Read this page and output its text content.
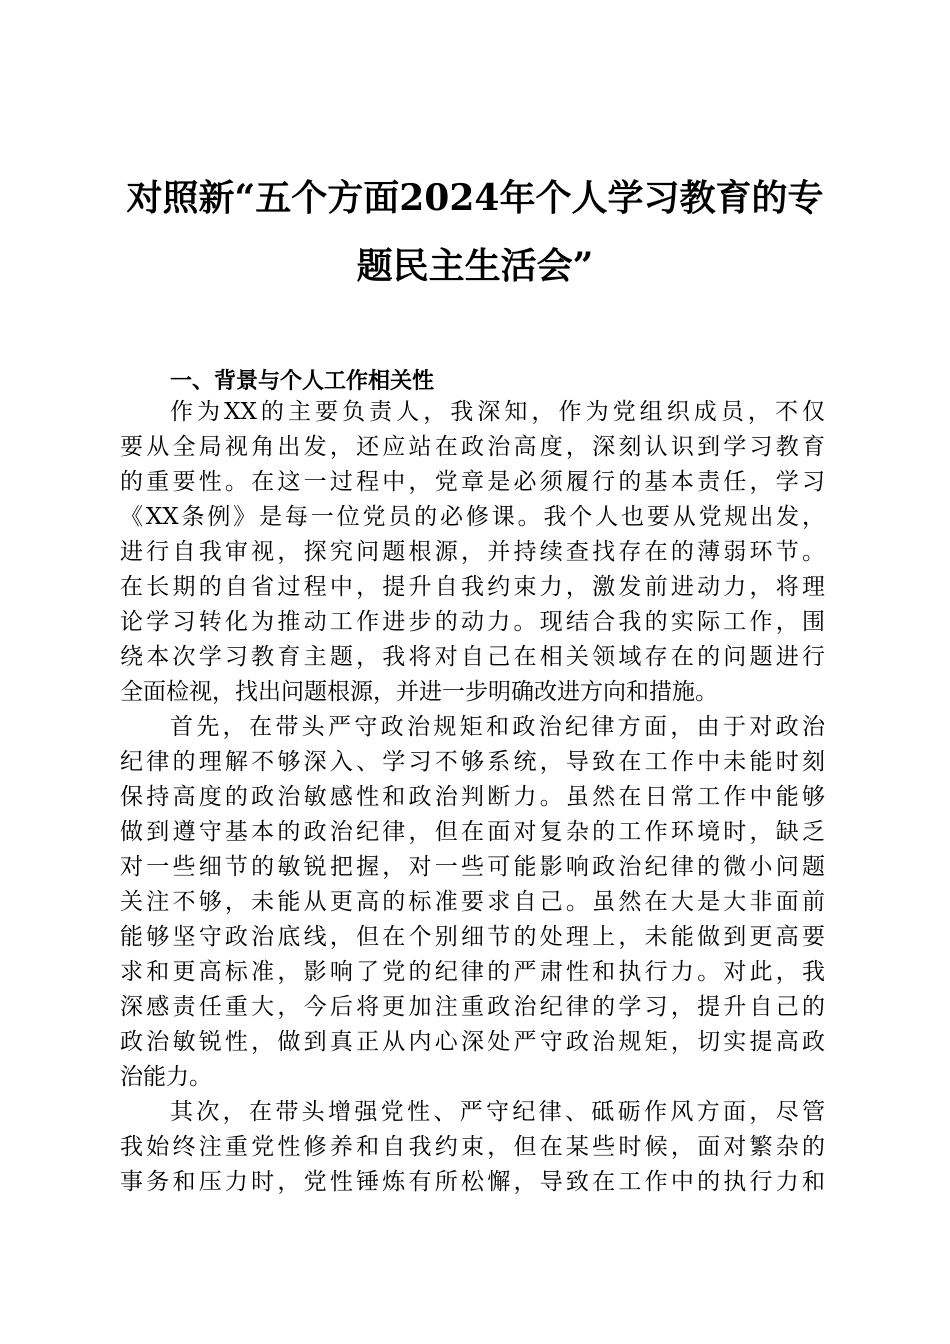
对照新“五个方面2024年个人学习教育的专
题民主生活会”
一、背景与个人工作相关性
作为XX的主要负责人，我深知，作为党组织成员，不仅
要从全局视角出发，还应站在政治高度，深刻认识到学习教育
的重要性。在这一过程中，党章是必须履行的基本责任，学习
《XX条例》是每一位党员的必修课。我个人也要从党规出发，
进行自我审视，探究问题根源，并持续查找存在的薄弱环节。
在长期的自省过程中，提升自我约束力，激发前进动力，将理
论学习转化为推动工作进步的动力。现结合我的实际工作，围
绕本次学习教育主题，我将对自己在相关领域存在的问题进行
全面检视，找出问题根源，并进一步明确改进方向和措施。
首先，在带头严守政治规矩和政治纪律方面，由于对政治
纪律的理解不够深入、学习不够系统，导致在工作中未能时刻
保持高度的政治敏感性和政治判断力。虽然在日常工作中能够
做到遵守基本的政治纪律，但在面对复杂的工作环境时，缺乏
对一些细节的敏锐把握，对一些可能影响政治纪律的微小问题
关注不够，未能从更高的标准要求自己。虽然在大是大非面前
能够坚守政治底线，但在个别细节的处理上，未能做到更高要
求和更高标准，影响了党的纪律的严肃性和执行力。对此，我
深感责任重大，今后将更加注重政治纪律的学习，提升自己的
政治敏锐性，做到真正从内心深处严守政治规矩，切实提高政
治能力。
其次，在带头增强党性、严守纪律、砥砺作风方面，尽管
我始终注重党性修养和自我约束，但在某些时候，面对繁杂的
事务和压力时，党性锤炼有所松懈，导致在工作中的执行力和
